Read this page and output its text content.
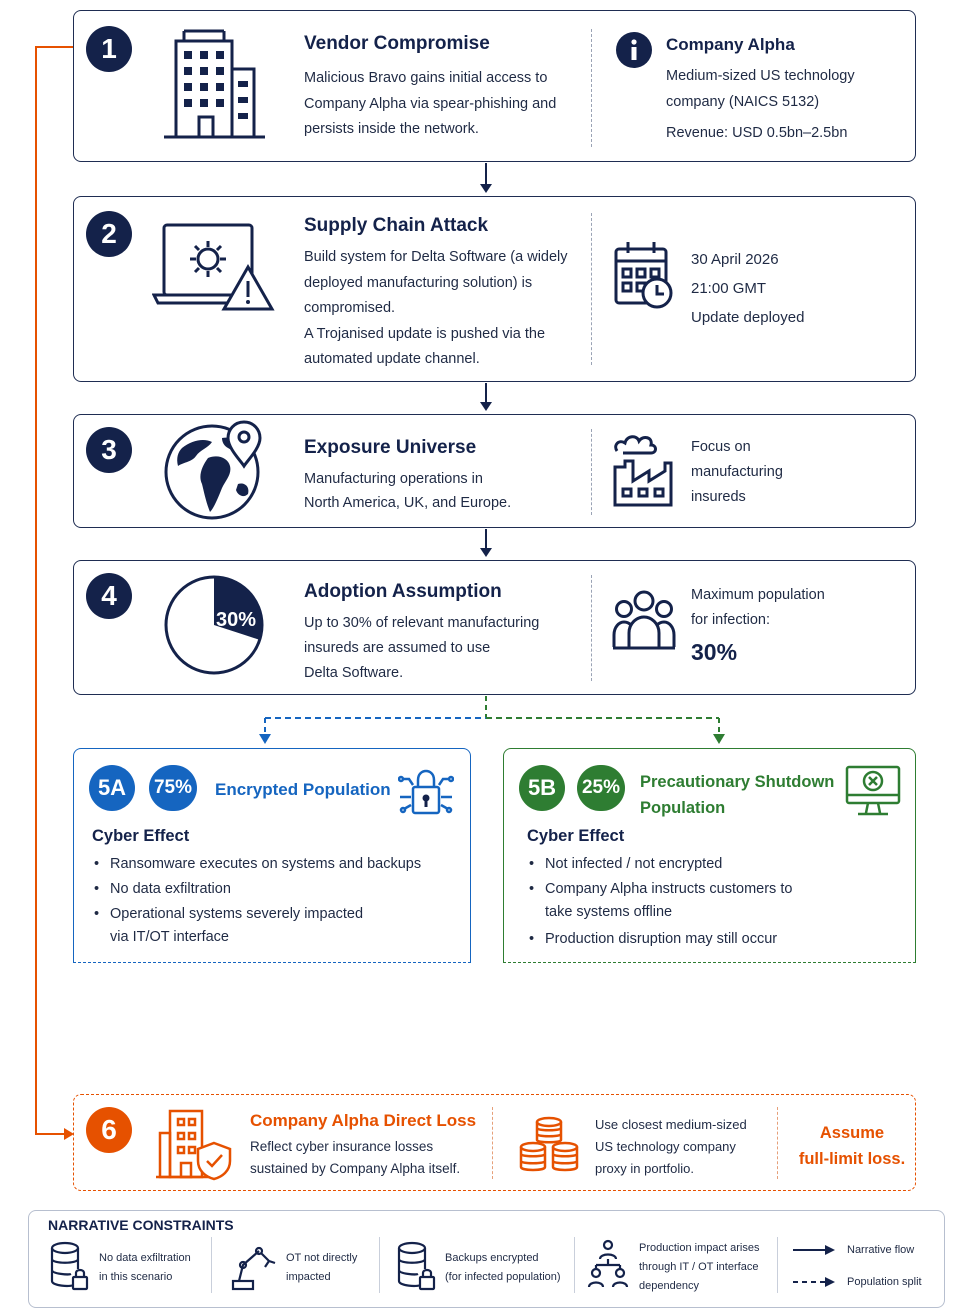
1	Vendor Compromise
Malicious Bravo gains initial access to
Company Alpha via spear-phishing and
persists inside the network.
Company Alpha
Medium-sized US technology
company (NAICS 5132)
Revenue: USD 0.5bn–2.5bn
2	Supply Chain Attack
Build system for Delta Software (a widely
deployed manufacturing solution) is
compromised.
A Trojanised update is pushed via the
automated update channel.
30 April 2026
21:00 GMT
Update deployed
3	Exposure Universe
Manufacturing operations in
North America, UK, and Europe.
Focus on
manufacturing
insureds
4
30%
Adoption Assumption
Up to 30% of relevant manufacturing
insureds are assumed to use
Delta Software.
Maximum population
for infection:
30%
5A	75% Encrypted Population
Cyber Effect
• Ransomware executes on systems and backups
• No data exfiltration
• Operational systems severely impacted
via IT/OT interface
5B	25%	Precautionary Shutdown
Population
Cyber Effect
• Not infected / not encrypted
• Company Alpha instructs customers to
take systems offline
• Production disruption may still occur
6	Company Alpha Direct Loss
Reflect cyber insurance losses
sustained by Company Alpha itself.
Use closest medium-sized
US technology company
proxy in portfolio.
Assume
full-limit loss.
NARRATIVE CONSTRAINTS
No data exfiltration
in this scenario
OT not directly
impacted
Backups encrypted
(for infected population)
Production impact arises
through IT / OT interface
dependency
Narrative flow
Population split
